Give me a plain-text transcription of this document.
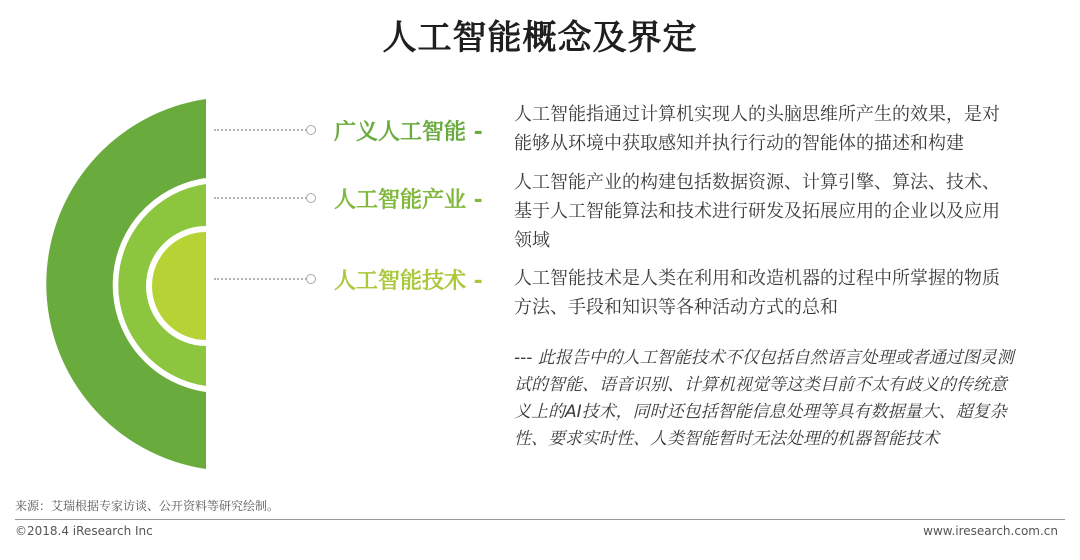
人工智能概念及界定
广义人工智能 -
人工智能产业 -
人工智能技术 -
人工智能指通过计算机实现人的头脑思维所产生的效果，是对
能够从环境中获取感知并执行行动的智能体的描述和构建
人工智能产业的构建包括数据资源、计算引擎、算法、技术、
基于人工智能算法和技术进行研发及拓展应用的企业以及应用
领域
人工智能技术是人类在利用和改造机器的过程中所掌握的物质
方法、手段和知识等各种活动方式的总和
--- 此报告中的人工智能技术不仅包括自然语言处理或者通过图灵测
试的智能、语音识别、计算机视觉等这类目前不太有歧义的传统意
义上的AI技术，同时还包括智能信息处理等具有数据量大、超复杂
性、要求实时性、人类智能暂时无法处理的机器智能技术
来源：艾瑞根据专家访谈、公开资料等研究绘制。
©2018.4 iResearch Inc	www.iresearch.com.cn
